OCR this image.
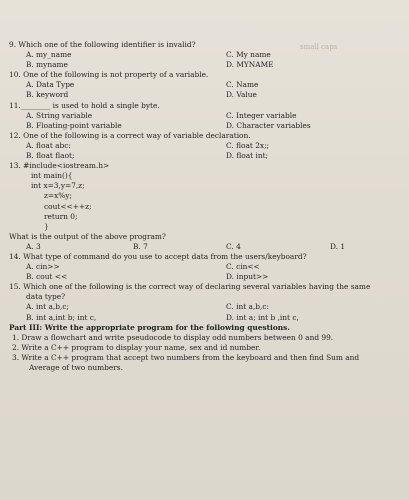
small caps
9. Which one of the following identifier is invalid?
A. my_name	C. My name
B. myname	D. MYNAME
10. One of the following is not property of a variable.
A. Data Type	C. Name
B. keyword	D. Value
11.________ is used to hold a single byte.
A. String variable	C. Integer variable
B. Floating-point variable	D. Character variables
12. One of the following is a correct way of variable declaration.
A. float abc:	C. float 2x;;
B. float flaot;	D. float int;
13. #include<iostream.h>
int main(){
int x=3,y=7,z;
z=x%y;
cout<<++z;
return 0;
}
What is the output of the above program?
A. 3	B. 7	C. 4	D. 1
14. What type of command do you use to accept data from the users/keyboard?
A. cin>>	C. cin<<
B. cout <<	D. input>>
15. Which one of the following is the correct way of declaring several variables having the same
data type?
A. int a,b,c;	C. int a,b,c:
B. int a,int b; int c,	D. int a; int b ,int c,
Part III: Write the appropriate program for the following questions.
1. Draw a flowchart and write pseudocode to display odd numbers between 0 and 99.
2. Write a C++ program to display your name, sex and id number.
3. Write a C++ program that accept two numbers from the keyboard and then find Sum and
Average of two numbers.
